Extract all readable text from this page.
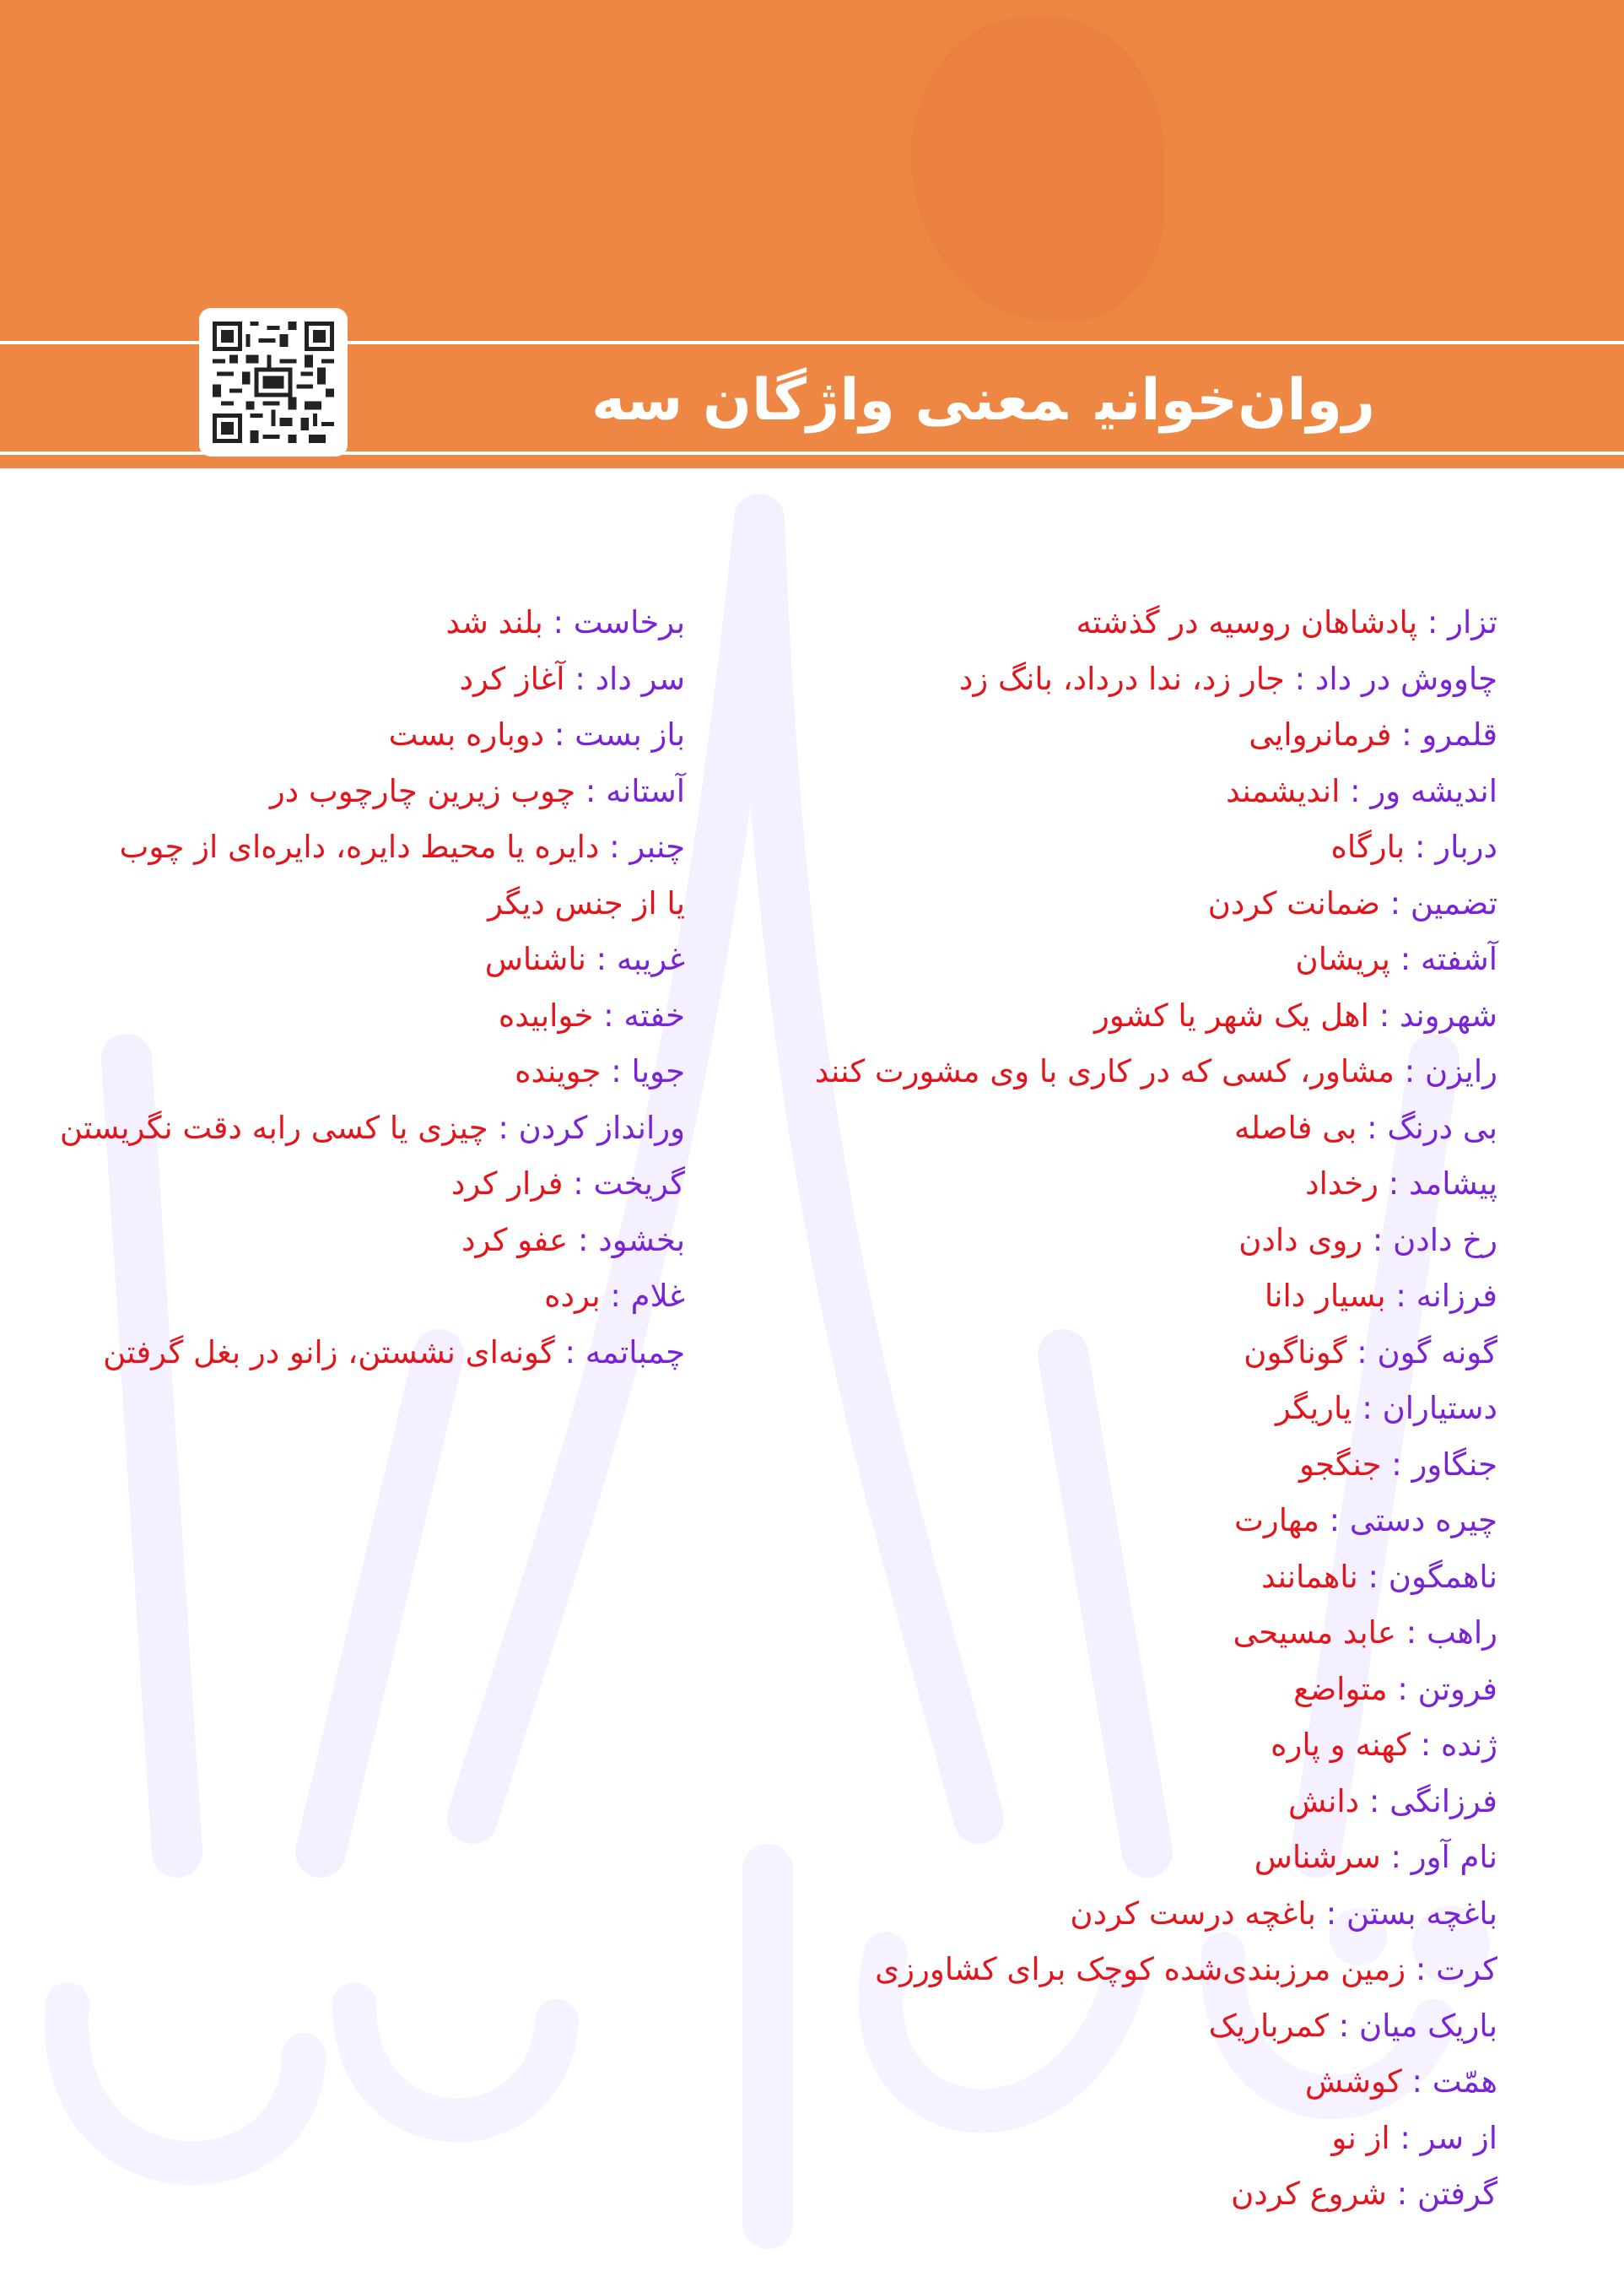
روان‌خوانیمعنی واژگان سه پرسش
تزار : پادشاهان روسیه در گذشته
چاووش در داد : جار زد، ندا درداد، بانگ زد
قلمرو : فرمانروایی
اندیشه ور : اندیشمند
دربار : بارگاه
تضمین : ضمانت کردن
آشفته : پریشان
شهروند : اهل یک شهر یا کشور
رایزن : مشاور، کسی که در کاری با وی مشورت کنند
بی درنگ : بی فاصله
پیشامد : رخداد
رخ دادن : روی دادن
فرزانه : بسیار دانا
گونه گون : گوناگون
دستیاران : یاریگر
جنگاور : جنگجو
چیره دستی : مهارت
ناهمگون : ناهمانند
راهب : عابد مسیحی
فروتن : متواضع
ژنده : کهنه و پاره
فرزانگی : دانش
نام آور : سرشناس
باغچه بستن : باغچه درست کردن
کرت : زمین مرزبندی‌شده کوچک برای کشاورزی
باریک میان : کمرباریک
همّت : کوشش
از سر : از نو
گرفتن : شروع کردن
برخاست : بلند شد
سر داد : آغاز کرد
باز بست : دوباره بست
آستانه : چوب زیرین چارچوب در
چنبر : دایره یا محیط دایره، دایره‌ای از چوب
یا از جنس دیگر
غریبه : ناشناس
خفته : خوابیده
جویا : جوینده
ورانداز کردن : چیزی یا کسی رابه دقت نگریستن
گریخت : فرار کرد
بخشود : عفو کرد
غلام : برده
چمباتمه : گونه‌ای نشستن، زانو در بغل گرفتن
